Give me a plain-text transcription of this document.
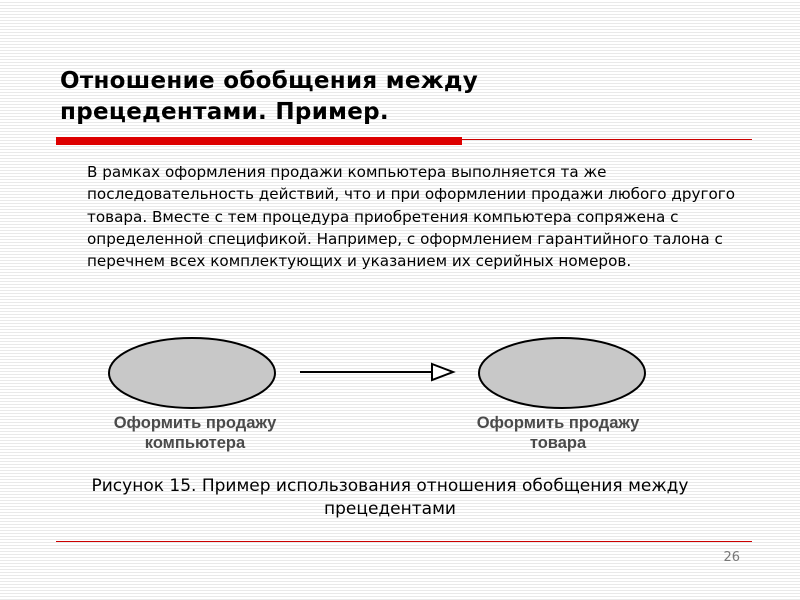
Отношение обобщения между
прецедентами. Пример.
В рамках оформления продажи компьютера выполняется та же последовательность действий, что и при оформлении продажи любого другого товара. Вместе с тем процедура приобретения компьютера сопряжена с определенной спецификой. Например, с оформлением гарантийного талона с перечнем всех комплектующих и указанием их серийных номеров.
Оформить продажу
компьютера
Оформить продажу
товара
Рисунок 15. Пример использования отношения обобщения между
прецедентами
26
